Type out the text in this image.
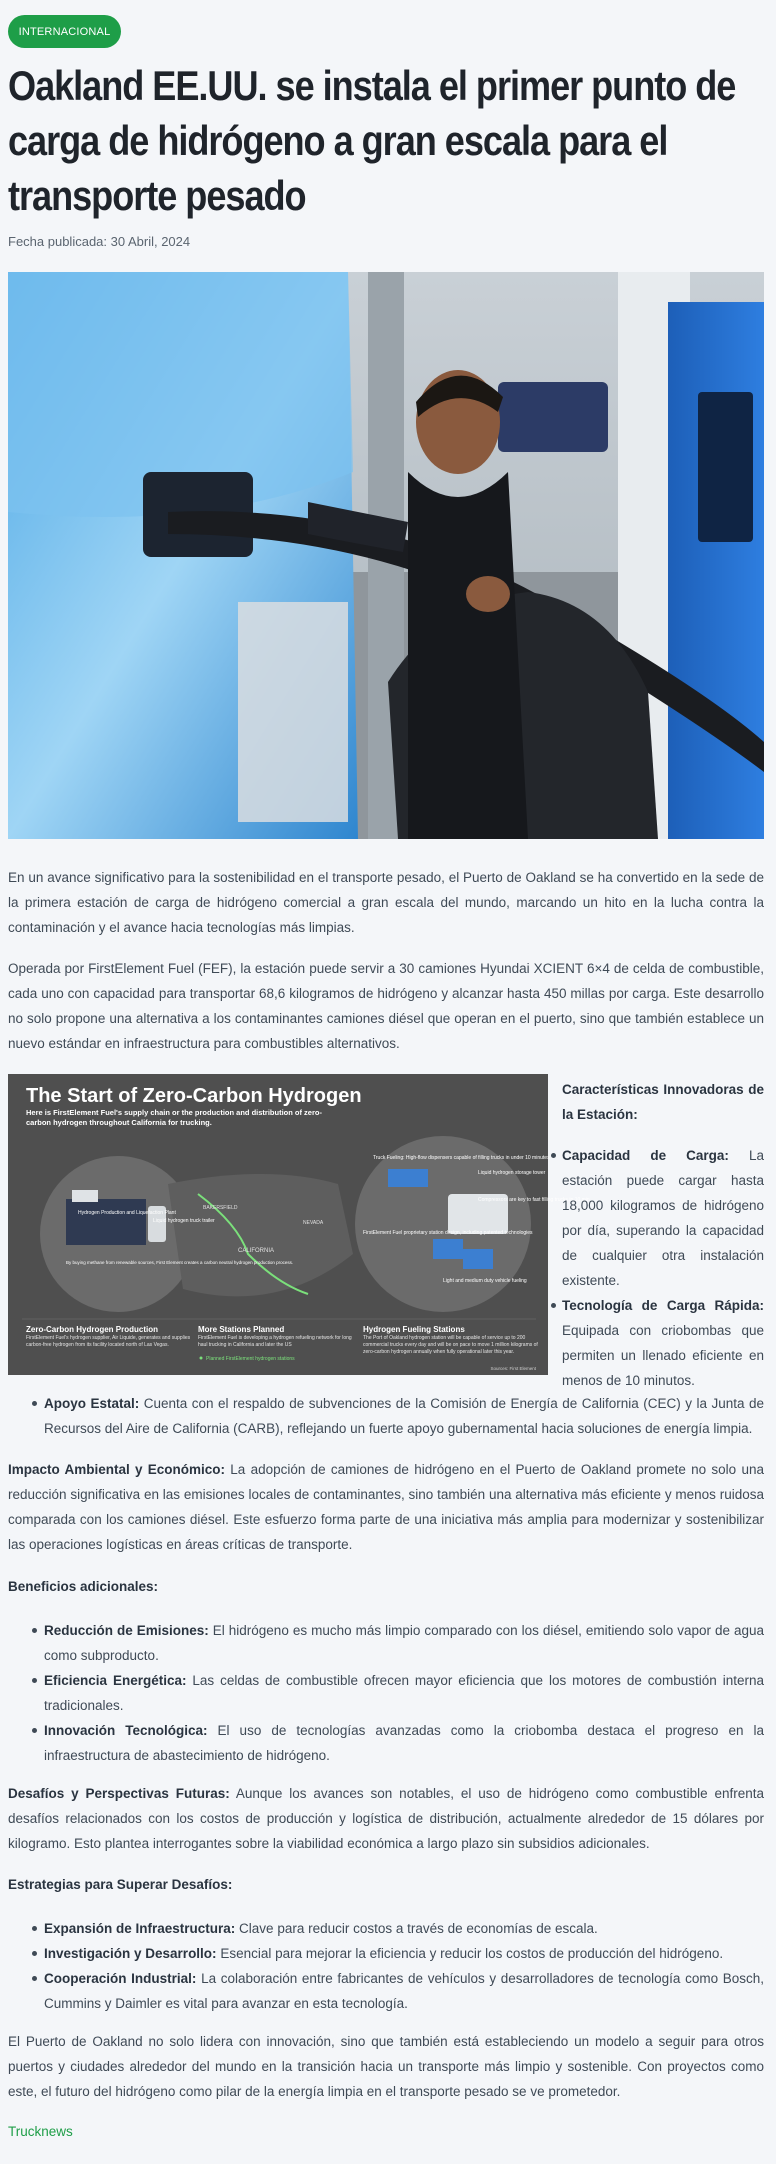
INTERNACIONAL
Oakland EE.UU. se instala el primer punto de carga de hidrógeno a gran escala para el transporte pesado
Fecha publicada: 30 Abril, 2024

En un avance significativo para la sostenibilidad en el transporte pesado, el Puerto de Oakland se ha convertido en la sede de la primera estación de carga de hidrógeno comercial a gran escala del mundo, marcando un hito en la lucha contra la contaminación y el avance hacia tecnologías más limpias.

Operada por FirstElement Fuel (FEF), la estación puede servir a 30 camiones Hyundai XCIENT 6×4 de celda de combustible, cada uno con capacidad para transportar 68,6 kilogramos de hidrógeno y alcanzar hasta 450 millas por carga. Este desarrollo no solo propone una alternativa a los contaminantes camiones diésel que operan en el puerto, sino que también establece un nuevo estándar en infraestructura para combustibles alternativos.

The Start of Zero-Carbon Hydrogen
Here is FirstElement Fuel's supply chain or the production and distribution of zero-carbon hydrogen throughout California for trucking.
Liquid hydrogen truck trailer
Hydrogen Production and Liquefaction Plant
Truck Fueling: High-flow dispensers capable of filling trucks in under 10 minutes
Liquid hydrogen storage tower
Compressors are key to fast filling trucks in 10 min.
FirstElement Fuel proprietary station design, including patented technologies
Light and medium duty vehicle fueling
By buying methane from renewable sources, First Element creates a carbon neutral hydrogen production process.
BAKERSFIELD
CALIFORNIA
NEVADA
Zero-Carbon Hydrogen Production
FirstElement Fuel's hydrogen supplier, Air Liquide, generates and supplies carbon-free hydrogen from its facility located north of Las Vegas.
More Stations Planned
FirstElement Fuel is developing a hydrogen refueling network for long haul trucking in California and later the US
Planned FirstElement hydrogen stations
Hydrogen Fueling Stations
The Port of Oakland hydrogen station will be capable of service up to 200 commercial trucks every day and will be on pace to move 1 million kilograms of zero-carbon hydrogen annually when fully operational later this year.
Sources: First Element

Características Innovadoras de la Estación:

Capacidad de Carga: La estación puede cargar hasta 18,000 kilogramos de hidrógeno por día, superando la capacidad de cualquier otra instalación existente.
Tecnología de Carga Rápida: Equipada con criobombas que permiten un llenado eficiente en menos de 10 minutos.
Apoyo Estatal: Cuenta con el respaldo de subvenciones de la Comisión de Energía de California (CEC) y la Junta de Recursos del Aire de California (CARB), reflejando un fuerte apoyo gubernamental hacia soluciones de energía limpia.

Impacto Ambiental y Económico: La adopción de camiones de hidrógeno en el Puerto de Oakland promete no solo una reducción significativa en las emisiones locales de contaminantes, sino también una alternativa más eficiente y menos ruidosa comparada con los camiones diésel. Este esfuerzo forma parte de una iniciativa más amplia para modernizar y sostenibilizar las operaciones logísticas en áreas críticas de transporte.

Beneficios adicionales:

Reducción de Emisiones: El hidrógeno es mucho más limpio comparado con los diésel, emitiendo solo vapor de agua como subproducto.
Eficiencia Energética: Las celdas de combustible ofrecen mayor eficiencia que los motores de combustión interna tradicionales.
Innovación Tecnológica: El uso de tecnologías avanzadas como la criobomba destaca el progreso en la infraestructura de abastecimiento de hidrógeno.

Desafíos y Perspectivas Futuras: Aunque los avances son notables, el uso de hidrógeno como combustible enfrenta desafíos relacionados con los costos de producción y logística de distribución, actualmente alrededor de 15 dólares por kilogramo. Esto plantea interrogantes sobre la viabilidad económica a largo plazo sin subsidios adicionales.

Estrategias para Superar Desafíos:

Expansión de Infraestructura: Clave para reducir costos a través de economías de escala.
Investigación y Desarrollo: Esencial para mejorar la eficiencia y reducir los costos de producción del hidrógeno.
Cooperación Industrial: La colaboración entre fabricantes de vehículos y desarrolladores de tecnología como Bosch, Cummins y Daimler es vital para avanzar en esta tecnología.

El Puerto de Oakland no solo lidera con innovación, sino que también está estableciendo un modelo a seguir para otros puertos y ciudades alrededor del mundo en la transición hacia un transporte más limpio y sostenible. Con proyectos como este, el futuro del hidrógeno como pilar de la energía limpia en el transporte pesado se ve prometedor.

Trucknews
